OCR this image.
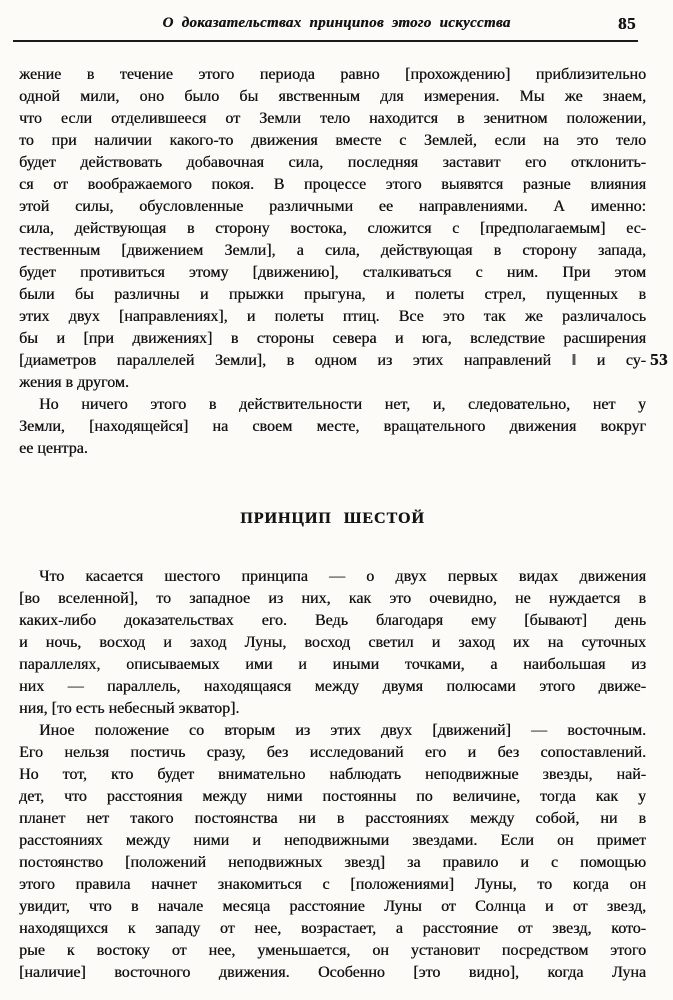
О доказательствах принципов этого искусства	85
53
жение в течение этого периода равно [прохождению] приблизительно
одной мили, оно было бы явственным для измерения. Мы же знаем,
что если отделившееся от Земли тело находится в зенитном положении,
то при наличии какого-то движения вместе с Землей, если на это тело
будет действовать добавочная сила, последняя заставит его отклонить-
ся от воображаемого покоя. В процессе этого выявятся разные влияния
этой силы, обусловленные различными ее направлениями. А именно:
сила, действующая в сторону востока, сложится с [предполагаемым] ес-
тественным [движением Земли], а сила, действующая в сторону запада,
будет противиться этому [движению], сталкиваться с ним. При этом
были бы различны и прыжки прыгуна, и полеты стрел, пущенных в
этих двух [направлениях], и полеты птиц. Все это так же различалось
бы и [при движениях] в стороны севера и юга, вследствие расширения
[диаметров параллелей Земли], в одном из этих направлений ‖ и су-
жения в другом.
Но ничего этого в действительности нет, и, следовательно, нет у
Земли, [находящейся] на своем месте, вращательного движения вокруг
ее центра.
ПРИНЦИП ШЕСТОЙ
Что касается шестого принципа — о двух первых видах движения
[во вселенной], то западное из них, как это очевидно, не нуждается в
каких-либо доказательствах его. Ведь благодаря ему [бывают] день
и ночь, восход и заход Луны, восход светил и заход их на суточных
параллелях, описываемых ими и иными точками, а наибольшая из
них — параллель, находящаяся между двумя полюсами этого движе-
ния, [то есть небесный экватор].
Иное положение со вторым из этих двух [движений] — восточным.
Его нельзя постичь сразу, без исследований его и без сопоставлений.
Но тот, кто будет внимательно наблюдать неподвижные звезды, най-
дет, что расстояния между ними постоянны по величине, тогда как у
планет нет такого постоянства ни в расстояниях между собой, ни в
расстояниях между ними и неподвижными звездами. Если он примет
постоянство [положений неподвижных звезд] за правило и с помощью
этого правила начнет знакомиться с [положениями] Луны, то когда он
увидит, что в начале месяца расстояние Луны от Солнца и от звезд,
находящихся к западу от нее, возрастает, а расстояние от звезд, кото-
рые к востоку от нее, уменьшается, он установит посредством этого
[наличие] восточного движения. Особенно [это видно], когда Луна
